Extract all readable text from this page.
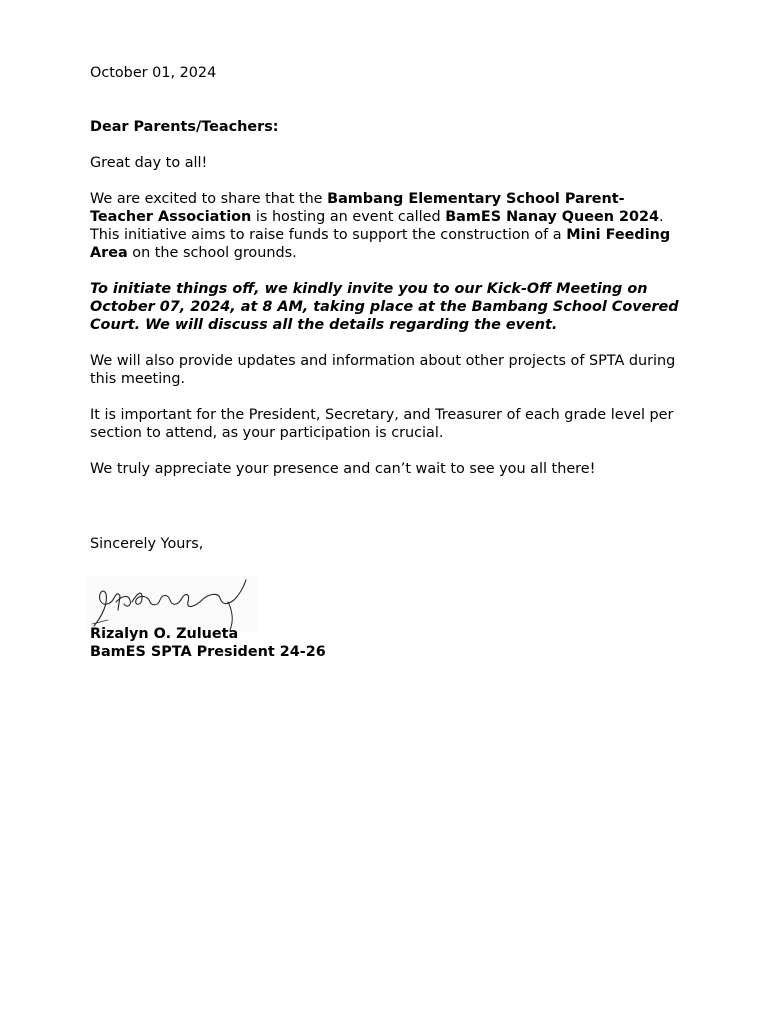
October 01, 2024

Dear Parents/Teachers:

Great day to all!

We are excited to share that the Bambang Elementary School Parent-Teacher Association is hosting an event called BamES Nanay Queen 2024. This initiative aims to raise funds to support the construction of a Mini Feeding Area on the school grounds.

To initiate things off, we kindly invite you to our Kick-Off Meeting on October 07, 2024, at 8 AM, taking place at the Bambang School Covered Court. We will discuss all the details regarding the event.

We will also provide updates and information about other projects of SPTA during this meeting.

It is important for the President, Secretary, and Treasurer of each grade level per section to attend, as your participation is crucial.

We truly appreciate your presence and can’t wait to see you all there!

Sincerely Yours,
Rizalyn O. Zulueta
BamES SPTA President 24-26
